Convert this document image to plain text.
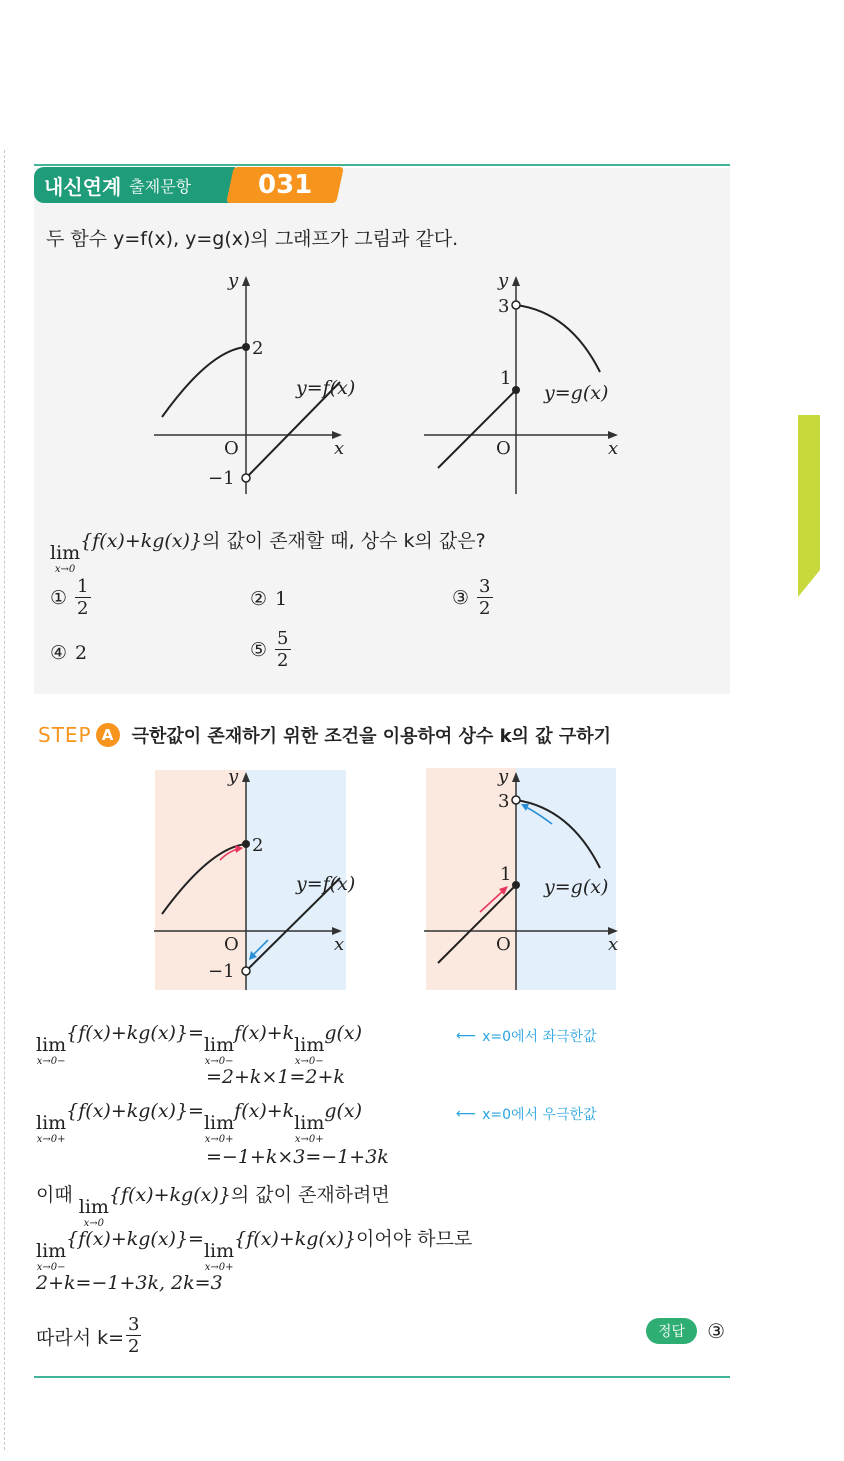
내신연계 출제문항	031
두 함수 y=f(x), y=g(x)의 그래프가 그림과 같다.
y
x
O
2
−1
y=f(x)
y
x
O
3
1
y=g(x)
lim
x→0
{f(x)+kg(x)}의 값이 존재할 때, 상수 k의 값은?
① $\frac{1}{2}$	② 1	③ $\frac{3}{2}$
④ 2	⑤ $\frac{5}{2}$
STEP A	극한값이 존재하기 위한 조건을 이용하여 상수 k의 값 구하기
y
x
O
2
−1
y=f(x)
y
x
O
3
1
y=g(x)
lim
x→0−
{f(x)+kg(x)}=
lim
x→0−
f(x)+k
lim
x→0−
g(x)	⟵ x=0에서 좌극한값
=2+k×1=2+k
lim
x→0+
{f(x)+kg(x)}=
lim
x→0+
f(x)+k
lim
x→0+
g(x)	⟵ x=0에서 우극한값
=−1+k×3=−1+3k
이때
lim
x→0
{f(x)+kg(x)}의 값이 존재하려면
lim
x→0−
{f(x)+kg(x)}=
lim
x→0+
{f(x)+kg(x)}이어야 하므로
2+k=−1+3k, 2k=3
따라서 $k= \frac{3}{2}$	정답	③
